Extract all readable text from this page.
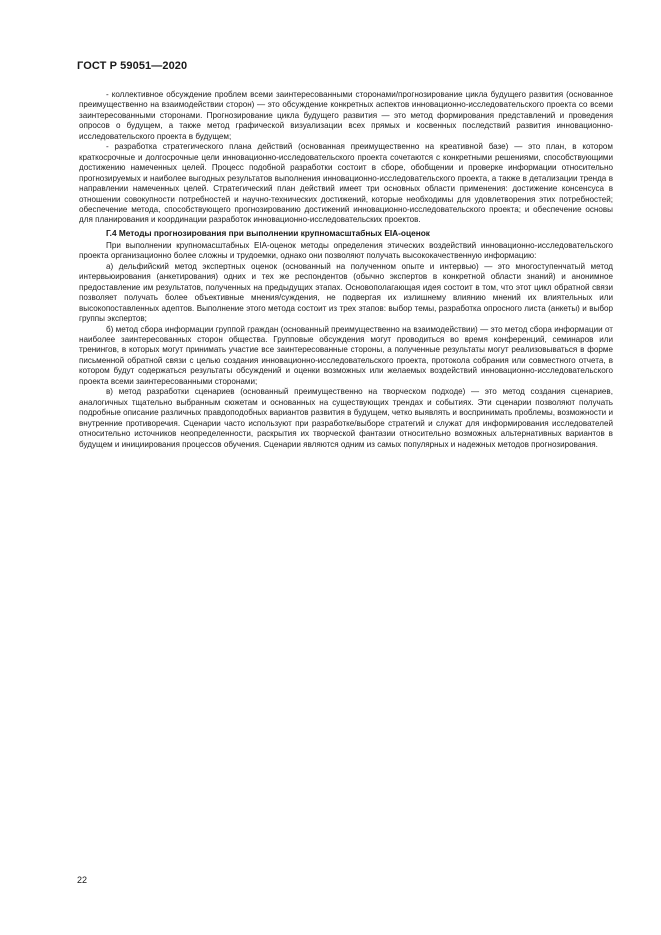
ГОСТ Р 59051—2020

- коллективное обсуждение проблем всеми заинтересованными сторонами/прогнозирование цикла будущего развития (основанное преимущественно на взаимодействии сторон) — это обсуждение конкретных аспектов инновационно-исследовательского проекта со всеми заинтересованными сторонами. Прогнозирование цикла будущего развития — это метод формирования представлений и проведения опросов о будущем, а также метод графической визуализации всех прямых и косвенных последствий развития инновационно-исследовательского проекта в будущем;

- разработка стратегического плана действий (основанная преимущественно на креативной базе) — это план, в котором краткосрочные и долгосрочные цели инновационно-исследовательского проекта сочетаются с конкретными решениями, способствующими достижению намеченных целей. Процесс подобной разработки состоит в сборе, обобщении и проверке информации относительно прогнозируемых и наиболее выгодных результатов выполнения инновационно-исследовательского проекта, а также в детализации тренда в направлении намеченных целей. Стратегический план действий имеет три основных области применения: достижение консенсуса в отношении совокупности потребностей и научно-технических достижений, которые необходимы для удовлетворения этих потребностей; обеспечение метода, способствующего прогнозированию достижений инновационно-исследовательского проекта; и обеспечение основы для планирования и координации разработок инновационно-исследовательских проектов.

Г.4 Методы прогнозирования при выполнении крупномасштабных EIA-оценок

При выполнении крупномасштабных EIA-оценок методы определения этических воздействий инновационно-исследовательского проекта организационно более сложны и трудоемки, однако они позволяют получать высококачественную информацию:

а) дельфийский метод экспертных оценок (основанный на полученном опыте и интервью) — это многоступенчатый метод интервьюирования (анкетирования) одних и тех же респондентов (обычно экспертов в конкретной области знаний) и анонимное предоставление им результатов, полученных на предыдущих этапах. Основополагающая идея состоит в том, что этот цикл обратной связи позволяет получать более объективные мнения/суждения, не подвергая их излишнему влиянию мнений их влиятельных или высокопоставленных адептов. Выполнение этого метода состоит из трех этапов: выбор темы, разработка опросного листа (анкеты) и выбор группы экспертов;

б) метод сбора информации группой граждан (основанный преимущественно на взаимодействии) — это метод сбора информации от наиболее заинтересованных сторон общества. Групповые обсуждения могут проводиться во время конференций, семинаров или тренингов, в которых могут принимать участие все заинтересованные стороны, а полученные результаты могут реализовываться в форме письменной обратной связи с целью создания инновационно-исследовательского проекта, протокола собрания или совместного отчета, в котором будут содержаться результаты обсуждений и оценки возможных или желаемых воздействий инновационно-исследовательского проекта всеми заинтересованными сторонами;

в) метод разработки сценариев (основанный преимущественно на творческом подходе) — это метод создания сценариев, аналогичных тщательно выбранным сюжетам и основанных на существующих трендах и событиях. Эти сценарии позволяют получать подробные описание различных правдоподобных вариантов развития в будущем, четко выявлять и воспринимать проблемы, возможности и внутренние противоречия. Сценарии часто используют при разработке/выборе стратегий и служат для информирования исследователей относительно источников неопределенности, раскрытия их творческой фантазии относительно возможных альтернативных вариантов в будущем и инициирования процессов обучения. Сценарии являются одним из самых популярных и надежных методов прогнозирования.

22
